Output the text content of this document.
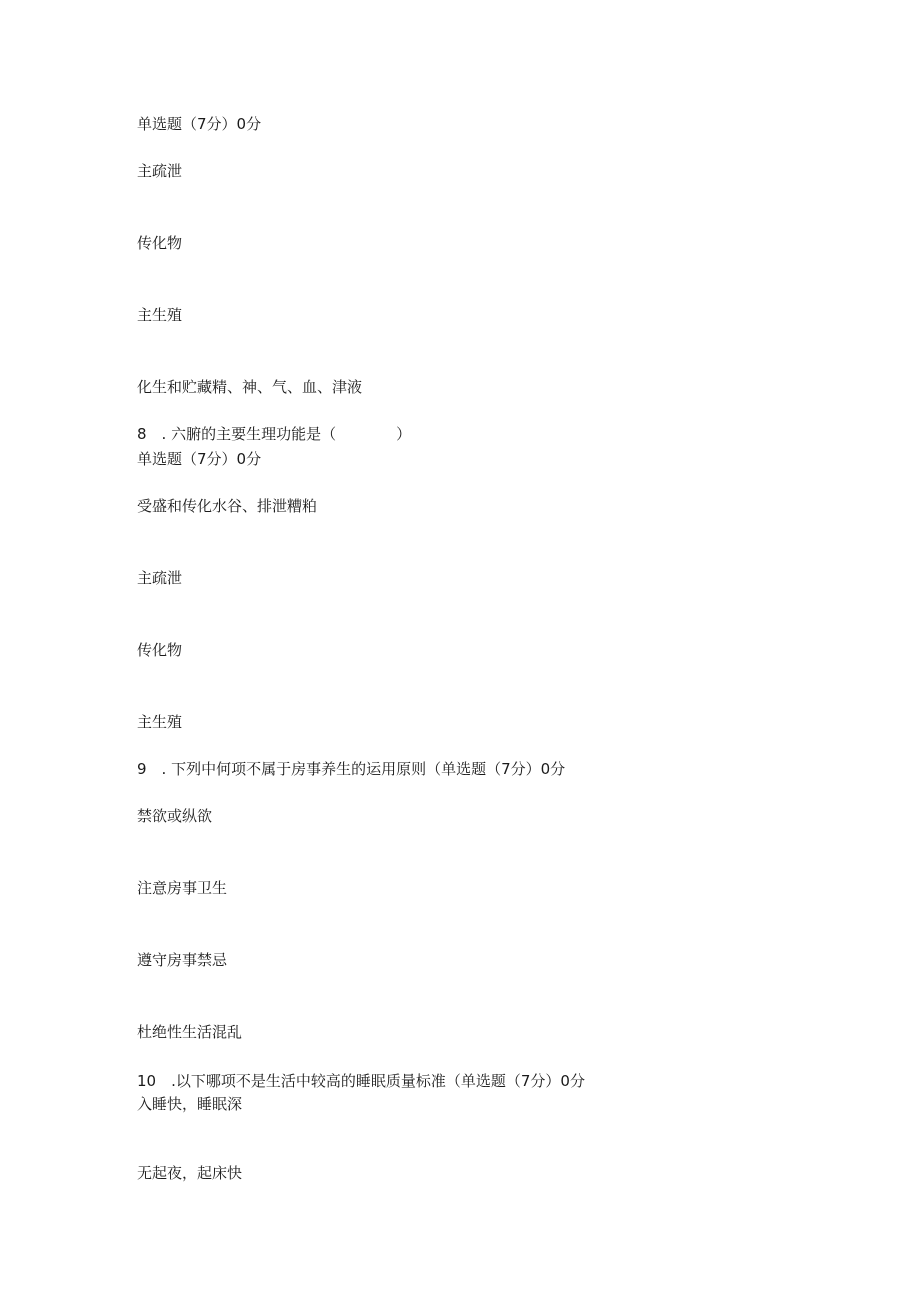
单选题（7分）0分
主疏泄
传化物
主生殖
化生和贮藏精、神、气、血、津液
8 . 六腑的主要生理功能是（    ）
单选题（7分）0分
受盛和传化水谷、排泄糟粕
主疏泄
传化物
主生殖
9 . 下列中何项不属于房事养生的运用原则（单选题（7分）0分
禁欲或纵欲
注意房事卫生
遵守房事禁忌
杜绝性生活混乱
10 .以下哪项不是生活中较高的睡眠质量标准（单选题（7分）0分
入睡快，睡眠深
无起夜，起床快
